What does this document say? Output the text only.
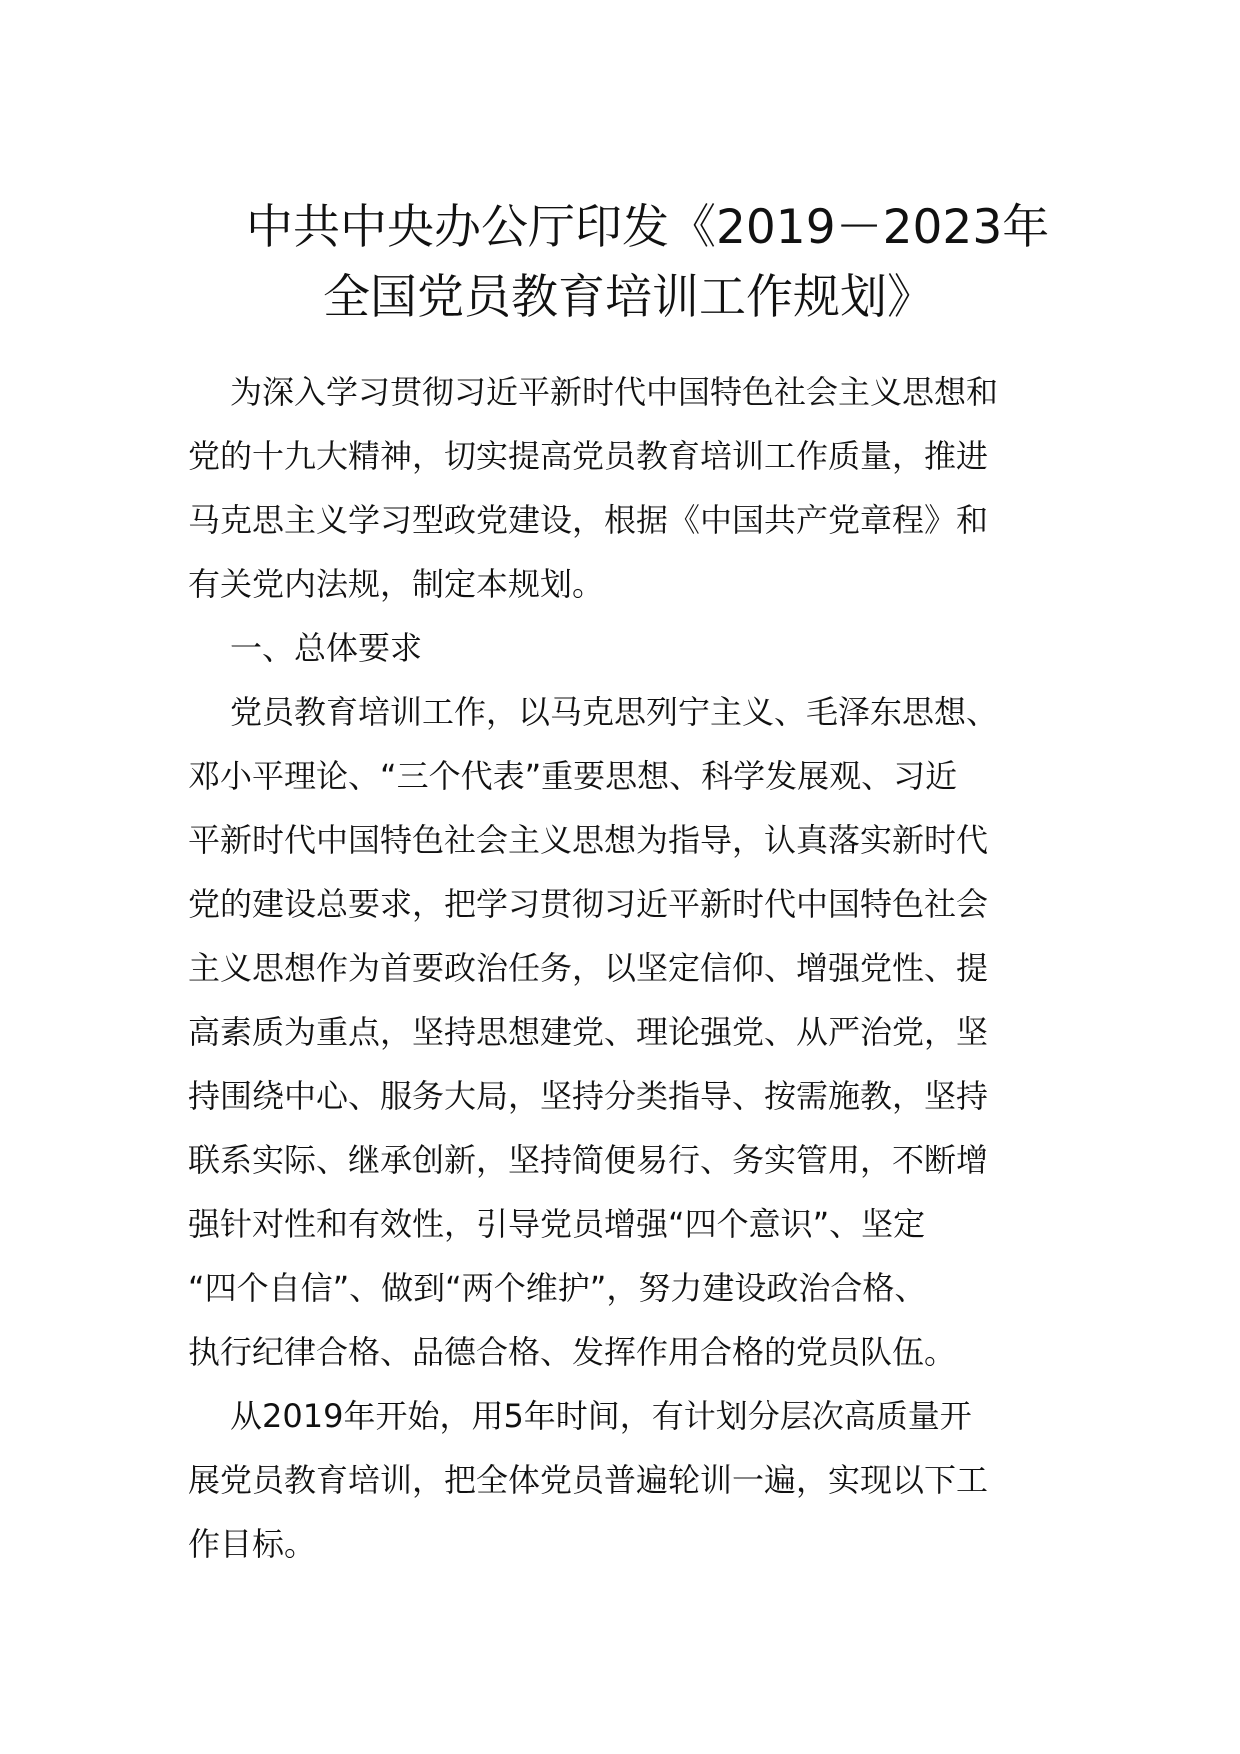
中共中央办公厅印发《2019－2023年
全国党员教育培训工作规划》
为深入学习贯彻习近平新时代中国特色社会主义思想和
党的十九大精神，切实提高党员教育培训工作质量，推进
马克思主义学习型政党建设，根据《中国共产党章程》和
有关党内法规，制定本规划。
一、总体要求
党员教育培训工作，以马克思列宁主义、毛泽东思想、
邓小平理论、“三个代表”重要思想、科学发展观、习近
平新时代中国特色社会主义思想为指导，认真落实新时代
党的建设总要求，把学习贯彻习近平新时代中国特色社会
主义思想作为首要政治任务，以坚定信仰、增强党性、提
高素质为重点，坚持思想建党、理论强党、从严治党，坚
持围绕中心、服务大局，坚持分类指导、按需施教，坚持
联系实际、继承创新，坚持简便易行、务实管用，不断增
强针对性和有效性，引导党员增强“四个意识”、坚定
“四个自信”、做到“两个维护”，努力建设政治合格、
执行纪律合格、品德合格、发挥作用合格的党员队伍。
从2019年开始，用5年时间，有计划分层次高质量开
展党员教育培训，把全体党员普遍轮训一遍，实现以下工
作目标。
